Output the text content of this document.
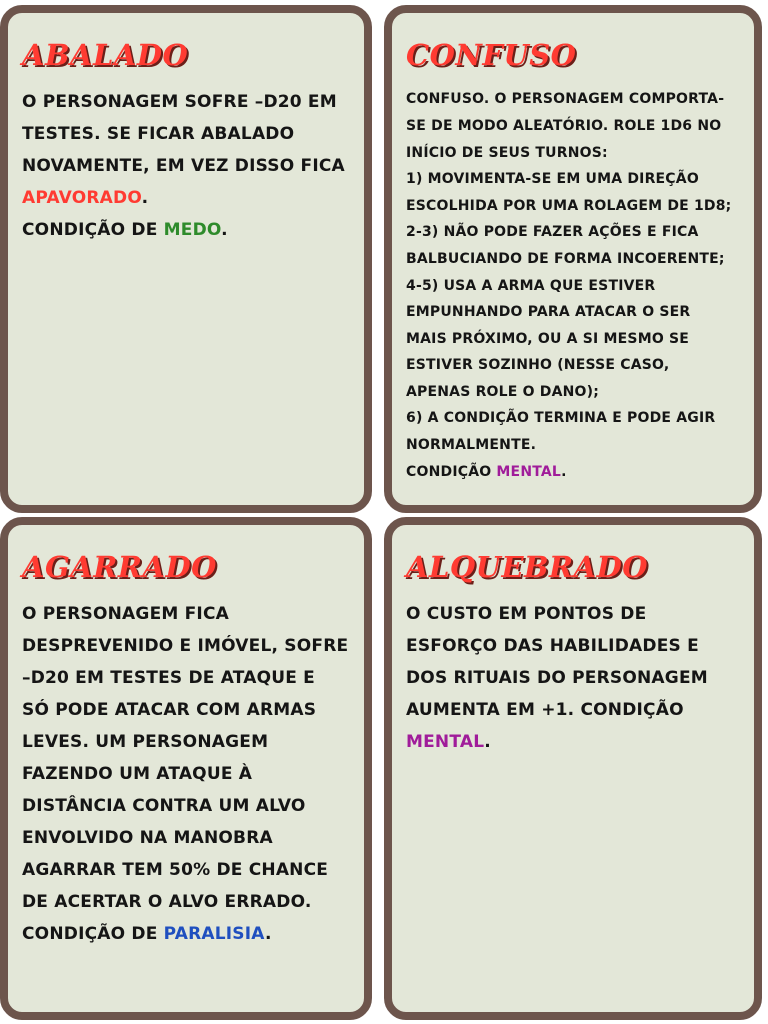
ABALADO
O PERSONAGEM SOFRE –D20 EM
TESTES. SE FICAR ABALADO
NOVAMENTE, EM VEZ DISSO FICA
APAVORADO.
CONDIÇÃO DE MEDO.
CONFUSO
CONFUSO. O PERSONAGEM COMPORTA-
SE DE MODO ALEATÓRIO. ROLE 1D6 NO
INÍCIO DE SEUS TURNOS:
1) MOVIMENTA-SE EM UMA DIREÇÃO
ESCOLHIDA POR UMA ROLAGEM DE 1D8;
2-3) NÃO PODE FAZER AÇÕES E FICA
BALBUCIANDO DE FORMA INCOERENTE;
4-5) USA A ARMA QUE ESTIVER
EMPUNHANDO PARA ATACAR O SER
MAIS PRÓXIMO, OU A SI MESMO SE
ESTIVER SOZINHO (NESSE CASO,
APENAS ROLE O DANO);
6) A CONDIÇÃO TERMINA E PODE AGIR
NORMALMENTE.
CONDIÇÃO MENTAL.
AGARRADO
O PERSONAGEM FICA
DESPREVENIDO E IMÓVEL, SOFRE
–D20 EM TESTES DE ATAQUE E
SÓ PODE ATACAR COM ARMAS
LEVES. UM PERSONAGEM
FAZENDO UM ATAQUE À
DISTÂNCIA CONTRA UM ALVO
ENVOLVIDO NA MANOBRA
AGARRAR TEM 50% DE CHANCE
DE ACERTAR O ALVO ERRADO.
CONDIÇÃO DE PARALISIA.
ALQUEBRADO
O CUSTO EM PONTOS DE
ESFORÇO DAS HABILIDADES E
DOS RITUAIS DO PERSONAGEM
AUMENTA EM +1. CONDIÇÃO
MENTAL.
